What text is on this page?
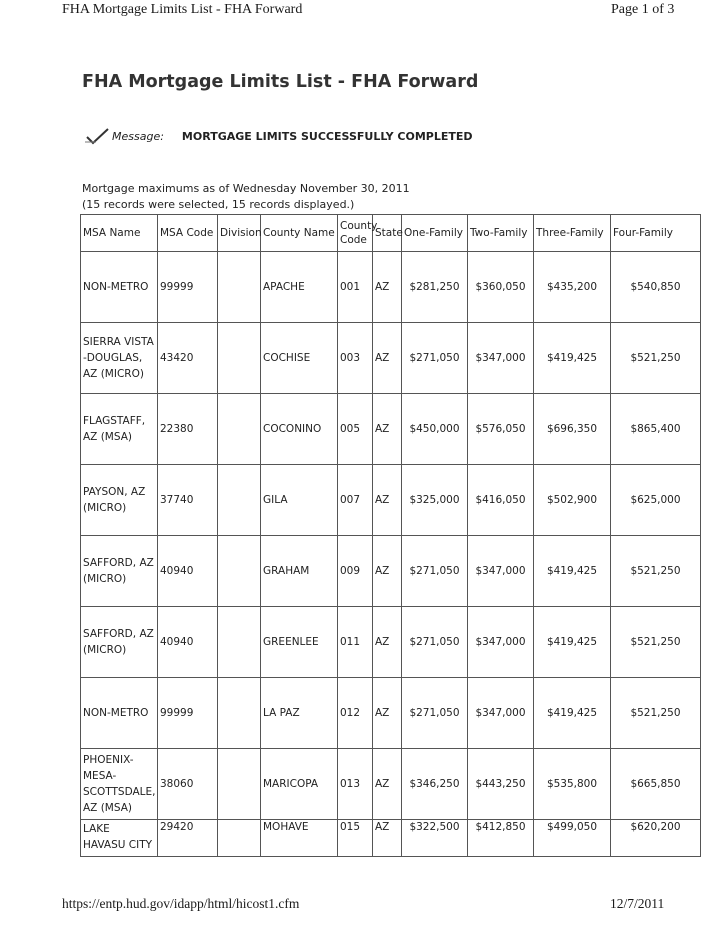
FHA Mortgage Limits List - FHA Forward	Page 1 of 3
FHA Mortgage Limits List - FHA Forward
Message: MORTGAGE LIMITS SUCCESSFULLY COMPLETED
Mortgage maximums as of Wednesday November 30, 2011
(15 records were selected, 15 records displayed.)
MSA Name	MSA Code	Division	County Name	County Code	State	One-Family	Two-Family	Three-Family	Four-Family
NON-METRO	99999		APACHE	001	AZ	$281,250	$360,050	$435,200	$540,850
SIERRA VISTA -DOUGLAS, AZ (MICRO)	43420		COCHISE	003	AZ	$271,050	$347,000	$419,425	$521,250
FLAGSTAFF, AZ (MSA)	22380		COCONINO	005	AZ	$450,000	$576,050	$696,350	$865,400
PAYSON, AZ (MICRO)	37740		GILA	007	AZ	$325,000	$416,050	$502,900	$625,000
SAFFORD, AZ (MICRO)	40940		GRAHAM	009	AZ	$271,050	$347,000	$419,425	$521,250
SAFFORD, AZ (MICRO)	40940		GREENLEE	011	AZ	$271,050	$347,000	$419,425	$521,250
NON-METRO	99999		LA PAZ	012	AZ	$271,050	$347,000	$419,425	$521,250
PHOENIX-MESA-SCOTTSDALE, AZ (MSA)	38060		MARICOPA	013	AZ	$346,250	$443,250	$535,800	$665,850
LAKE HAVASU CITY	29420		MOHAVE	015	AZ	$322,500	$412,850	$499,050	$620,200
https://entp.hud.gov/idapp/html/hicost1.cfm	12/7/2011
